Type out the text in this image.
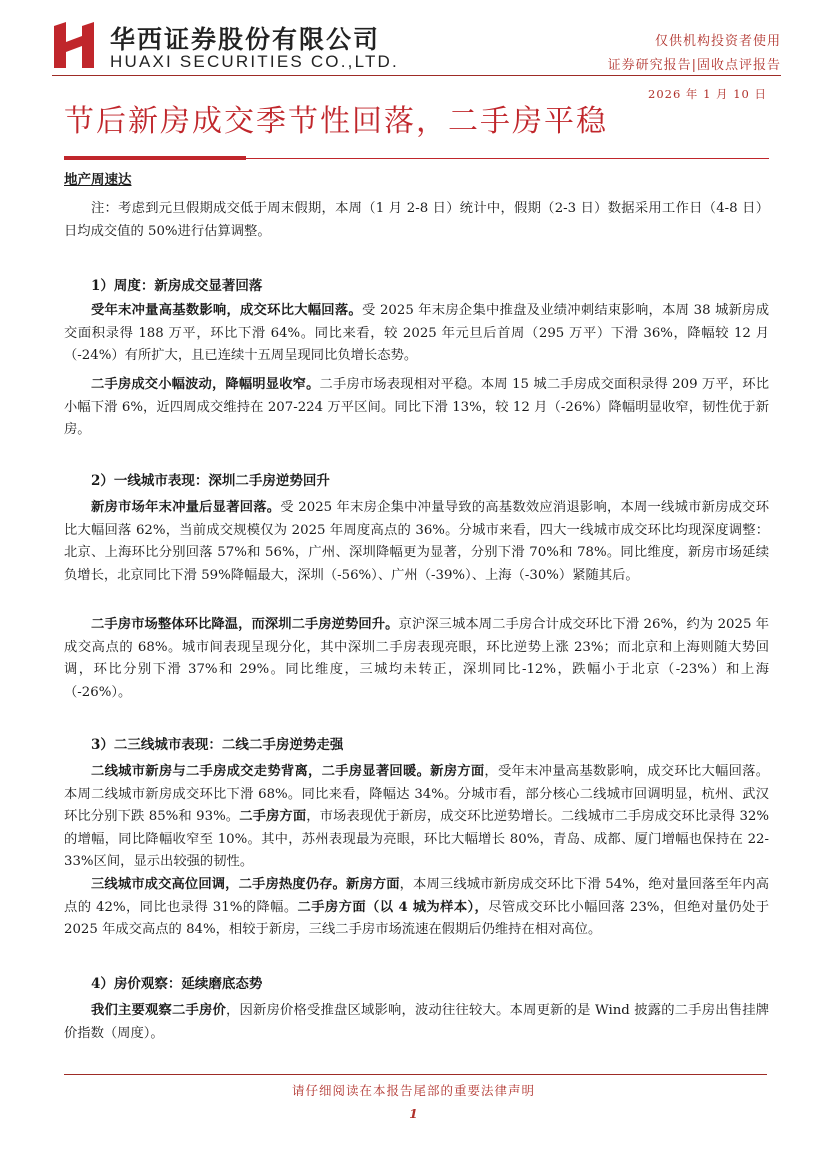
华西证券股份有限公司
HUAXI SECURITIES CO.,LTD.
仅供机构投资者使用
证券研究报告|固收点评报告
2026 年 1 月 10 日
节后新房成交季节性回落，二手房平稳
地产周速达
注：考虑到元旦假期成交低于周末假期，本周（1 月 2-8 日）统计中，假期（2-3 日）数据采用工作日（4-8 日）日均成交值的 50%进行估算调整。
1）周度：新房成交显著回落
受年末冲量高基数影响，成交环比大幅回落。受 2025 年末房企集中推盘及业绩冲刺结束影响，本周 38 城新房成交面积录得 188 万平，环比下滑 64%。同比来看，较 2025 年元旦后首周（295 万平）下滑 36%，降幅较 12 月（-24%）有所扩大，且已连续十五周呈现同比负增长态势。
二手房成交小幅波动，降幅明显收窄。二手房市场表现相对平稳。本周 15 城二手房成交面积录得 209 万平，环比小幅下滑 6%，近四周成交维持在 207-224 万平区间。同比下滑 13%，较 12 月（-26%）降幅明显收窄，韧性优于新房。
2）一线城市表现：深圳二手房逆势回升
新房市场年末冲量后显著回落。受 2025 年末房企集中冲量导致的高基数效应消退影响，本周一线城市新房成交环比大幅回落 62%，当前成交规模仅为 2025 年周度高点的 36%。分城市来看，四大一线城市成交环比均现深度调整：北京、上海环比分别回落 57%和 56%，广州、深圳降幅更为显著，分别下滑 70%和 78%。同比维度，新房市场延续负增长，北京同比下滑 59%降幅最大，深圳（-56%）、广州（-39%）、上海（-30%）紧随其后。
二手房市场整体环比降温，而深圳二手房逆势回升。京沪深三城本周二手房合计成交环比下滑 26%，约为 2025 年成交高点的 68%。城市间表现呈现分化，其中深圳二手房表现亮眼，环比逆势上涨 23%；而北京和上海则随大势回调，环比分别下滑 37%和 29%。同比维度，三城均未转正，深圳同比-12%，跌幅小于北京（-23%）和上海（-26%）。
3）二三线城市表现：二线二手房逆势走强
二线城市新房与二手房成交走势背离，二手房显著回暖。新房方面，受年末冲量高基数影响，成交环比大幅回落。本周二线城市新房成交环比下滑 68%。同比来看，降幅达 34%。分城市看，部分核心二线城市回调明显，杭州、武汉环比分别下跌 85%和 93%。二手房方面，市场表现优于新房，成交环比逆势增长。二线城市二手房成交环比录得 32%的增幅，同比降幅收窄至 10%。其中，苏州表现最为亮眼，环比大幅增长 80%，青岛、成都、厦门增幅也保持在 22-33%区间，显示出较强的韧性。
三线城市成交高位回调，二手房热度仍存。新房方面，本周三线城市新房成交环比下滑 54%，绝对量回落至年内高点的 42%，同比也录得 31%的降幅。二手房方面（以 4 城为样本），尽管成交环比小幅回落 23%，但绝对量仍处于 2025 年成交高点的 84%，相较于新房，三线二手房市场流速在假期后仍维持在相对高位。
4）房价观察：延续磨底态势
我们主要观察二手房价，因新房价格受推盘区域影响，波动往往较大。本周更新的是 Wind 披露的二手房出售挂牌价指数（周度）。
请仔细阅读在本报告尾部的重要法律声明
1
